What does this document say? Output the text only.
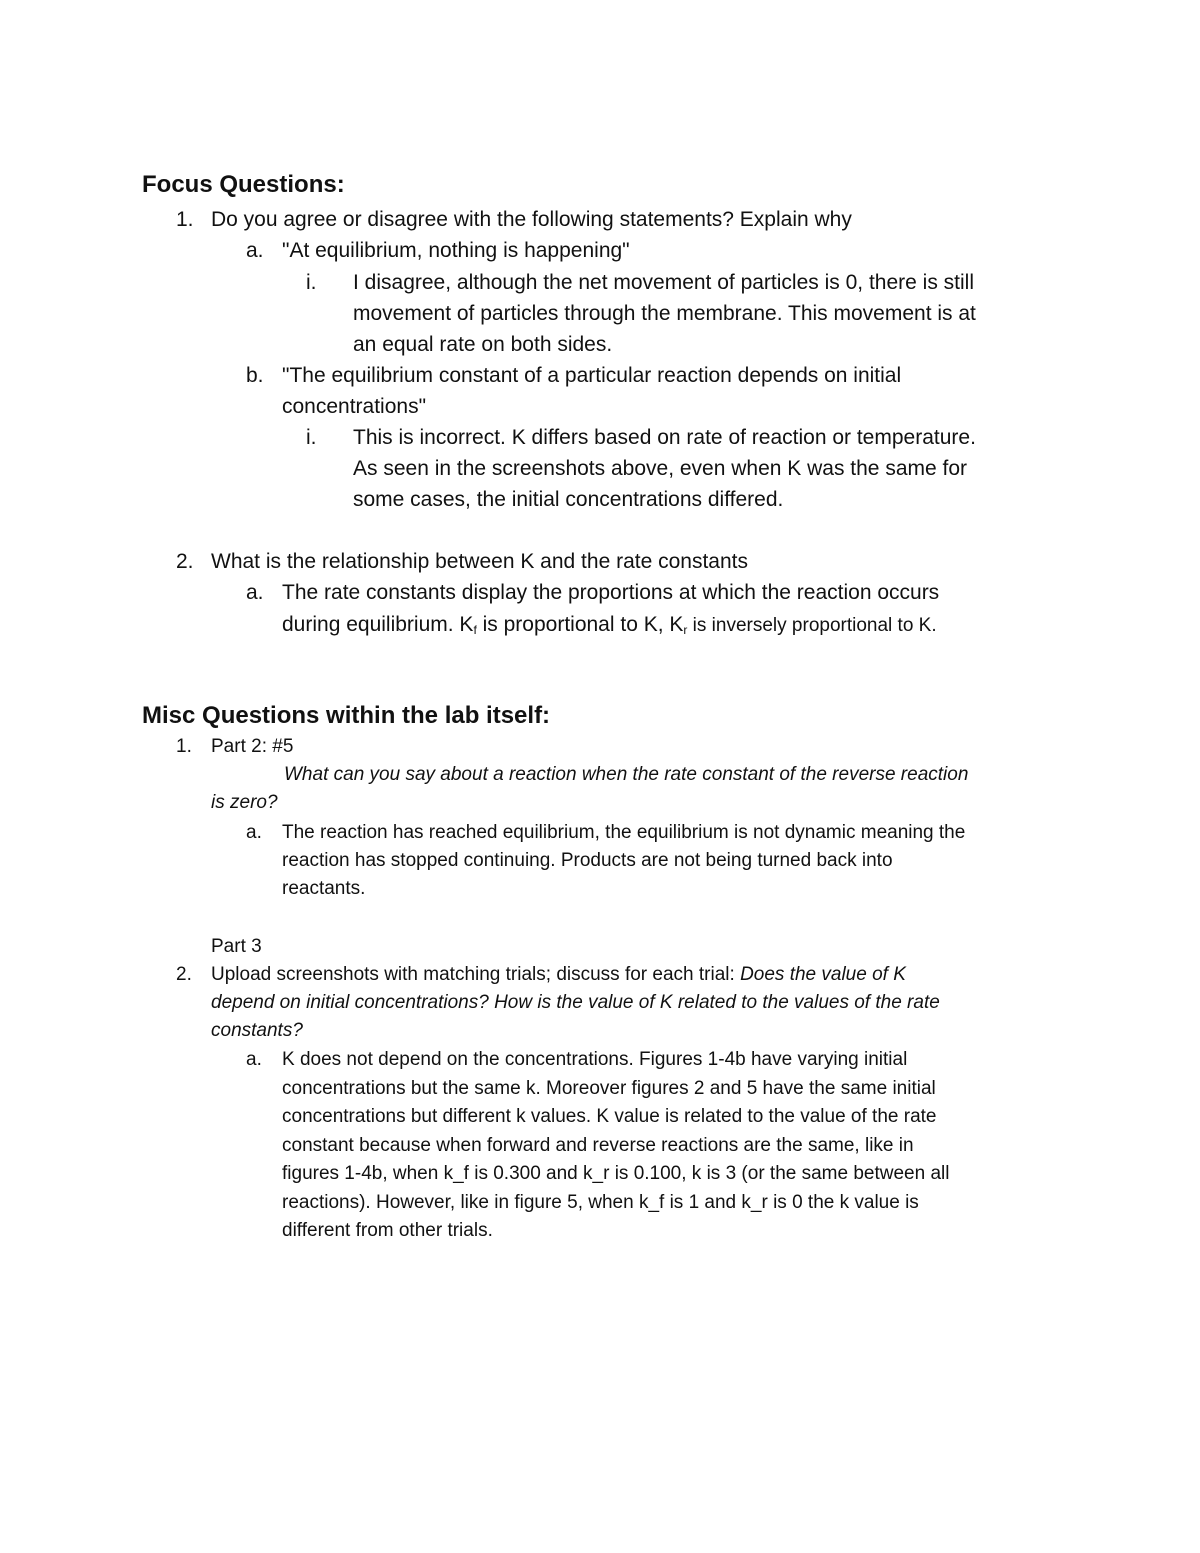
Focus Questions:
1. Do you agree or disagree with the following statements? Explain why
a. "At equilibrium, nothing is happening"
i. I disagree, although the net movement of particles is 0, there is still
movement of particles through the membrane. This movement is at
an equal rate on both sides.
b. "The equilibrium constant of a particular reaction depends on initial
concentrations"
i. This is incorrect. K differs based on rate of reaction or temperature.
As seen in the screenshots above, even when K was the same for
some cases, the initial concentrations differed.
2. What is the relationship between K and the rate constants
a. The rate constants display the proportions at which the reaction occurs
during equilibrium. $K_f$ is proportional to K, $K_r$ is inversely proportional to K.
Misc Questions within the lab itself:
1. Part 2: #5
What can you say about a reaction when the rate constant of the reverse reaction
is zero?
a. The reaction has reached equilibrium, the equilibrium is not dynamic meaning the
reaction has stopped continuing. Products are not being turned back into
reactants.
Part 3
2. Upload screenshots with matching trials; discuss for each trial: Does the value of K
depend on initial concentrations? How is the value of K related to the values of the rate
constants?
a. K does not depend on the concentrations. Figures 1-4b have varying initial
concentrations but the same k. Moreover figures 2 and 5 have the same initial
concentrations but different k values. K value is related to the value of the rate
constant because when forward and reverse reactions are the same, like in
figures 1-4b, when k_f is 0.300 and k_r is 0.100, k is 3 (or the same between all
reactions). However, like in figure 5, when k_f is 1 and k_r is 0 the k value is
different from other trials.
